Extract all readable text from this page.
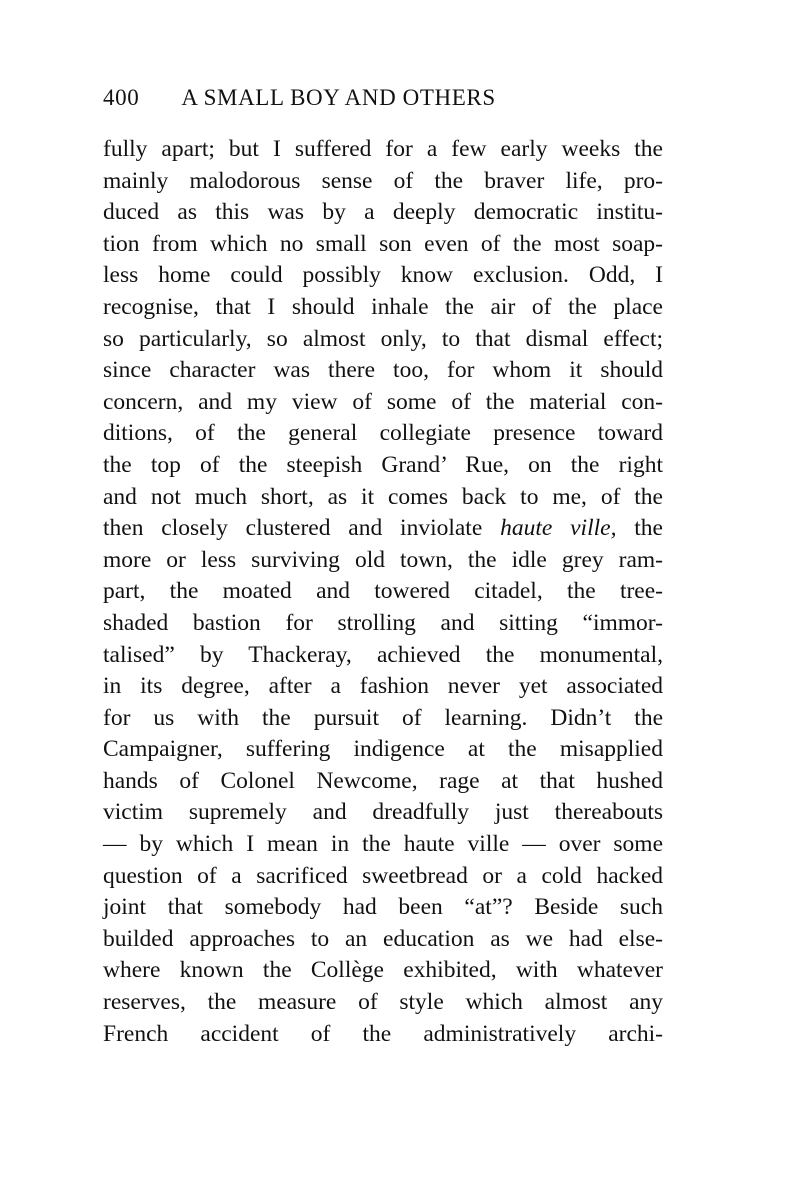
400 A SMALL BOY AND OTHERS
fully apart; but I suffered for a few early weeks the
mainly malodorous sense of the braver life, pro-
duced as this was by a deeply democratic institu-
tion from which no small son even of the most soap-
less home could possibly know exclusion. Odd, I
recognise, that I should inhale the air of the place
so particularly, so almost only, to that dismal effect;
since character was there too, for whom it should
concern, and my view of some of the material con-
ditions, of the general collegiate presence toward
the top of the steepish Grand’ Rue, on the right
and not much short, as it comes back to me, of the
then closely clustered and inviolate haute ville, the
more or less surviving old town, the idle grey ram-
part, the moated and towered citadel, the tree-
shaded bastion for strolling and sitting “immor-
talised” by Thackeray, achieved the monumental,
in its degree, after a fashion never yet associated
for us with the pursuit of learning. Didn’t the
Campaigner, suffering indigence at the misapplied
hands of Colonel Newcome, rage at that hushed
victim supremely and dreadfully just thereabouts
— by which I mean in the haute ville — over some
question of a sacrificed sweetbread or a cold hacked
joint that somebody had been “at”? Beside such
builded approaches to an education as we had else-
where known the Collège exhibited, with whatever
reserves, the measure of style which almost any
French accident of the administratively archi-
